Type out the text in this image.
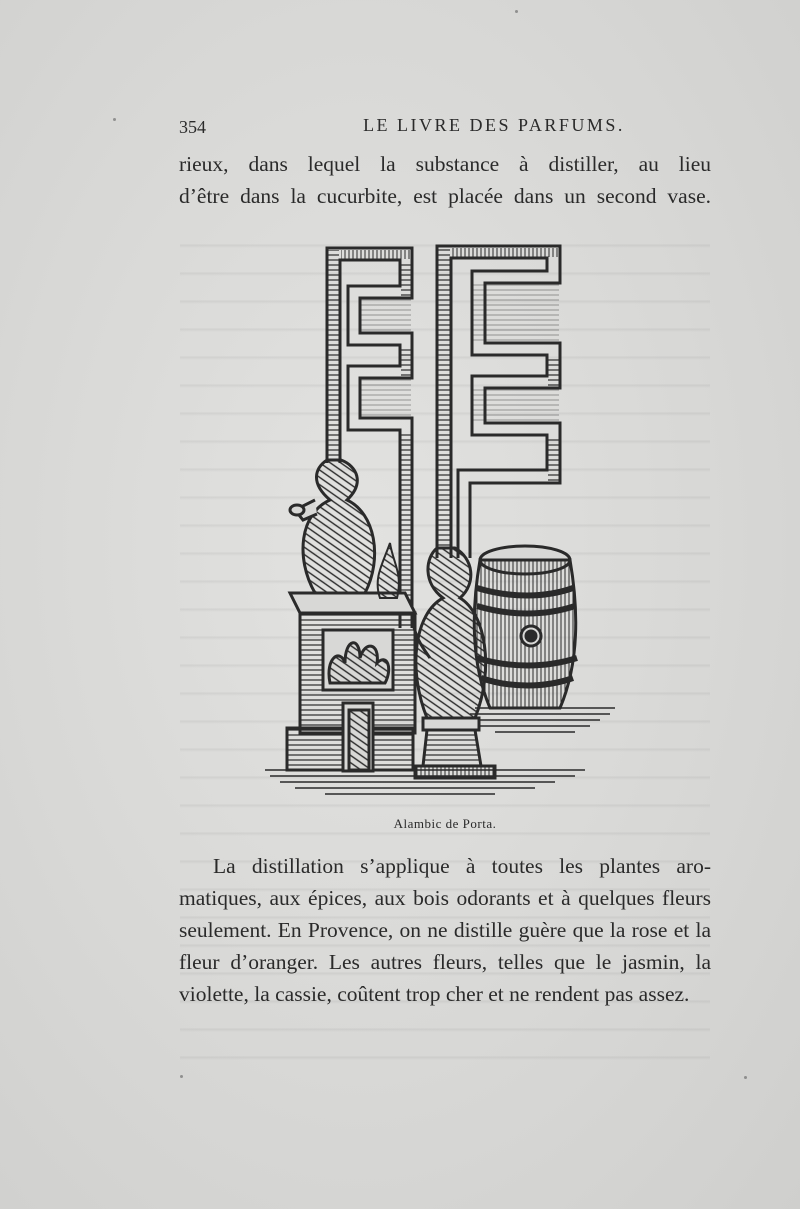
354	LE LIVRE DES PARFUMS.

rieux, dans lequel la substance à distiller, au lieu

d’être dans la cucurbite, est placée dans un second vase.

Alambic de Porta.

La distillation s’applique à toutes les plantes aro-matiques, aux épices, aux bois odorants et à quelques fleurs seulement. En Provence, on ne distille guère que la rose et la fleur d’oranger. Les autres fleurs, telles que le jasmin, la violette, la cassie, coûtent trop cher et ne rendent pas assez.
